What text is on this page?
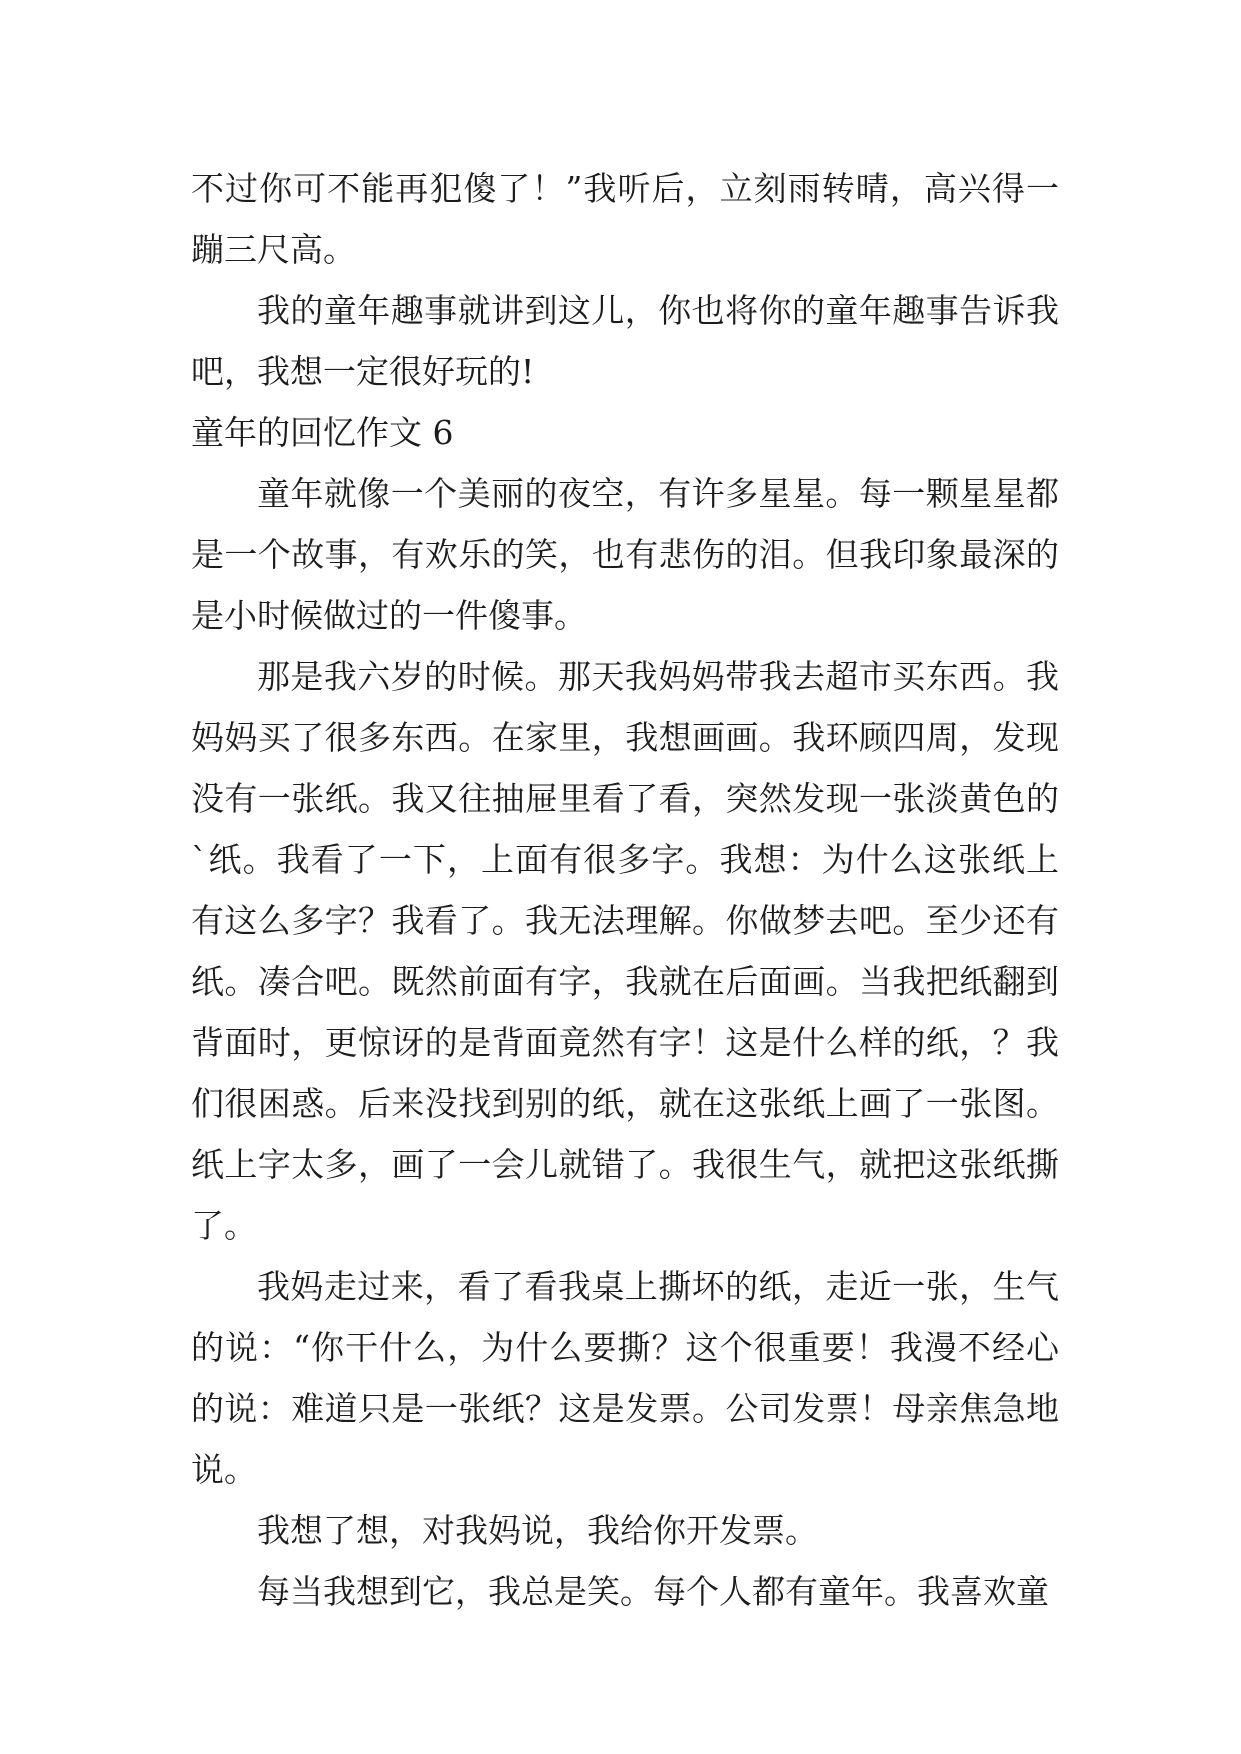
不过你可不能再犯傻了！”我听后，立刻雨转晴，高兴得一蹦三尺高。

我的童年趣事就讲到这儿，你也将你的童年趣事告诉我吧，我想一定很好玩的!

童年的回忆作文 6

童年就像一个美丽的夜空，有许多星星。每一颗星星都是一个故事，有欢乐的笑，也有悲伤的泪。但我印象最深的是小时候做过的一件傻事。

那是我六岁的时候。那天我妈妈带我去超市买东西。我妈妈买了很多东西。在家里，我想画画。我环顾四周，发现没有一张纸。我又往抽屉里看了看，突然发现一张淡黄色的`纸。我看了一下，上面有很多字。我想：为什么这张纸上有这么多字？我看了。我无法理解。你做梦去吧。至少还有纸。凑合吧。既然前面有字，我就在后面画。当我把纸翻到背面时，更惊讶的是背面竟然有字！这是什么样的纸，？我们很困惑。后来没找到别的纸，就在这张纸上画了一张图。纸上字太多，画了一会儿就错了。我很生气，就把这张纸撕了。

我妈走过来，看了看我桌上撕坏的纸，走近一张，生气的说：“你干什么，为什么要撕？这个很重要！我漫不经心的说：难道只是一张纸？这是发票。公司发票！母亲焦急地说。

我想了想，对我妈说，我给你开发票。

每当我想到它，我总是笑。每个人都有童年。我喜欢童
